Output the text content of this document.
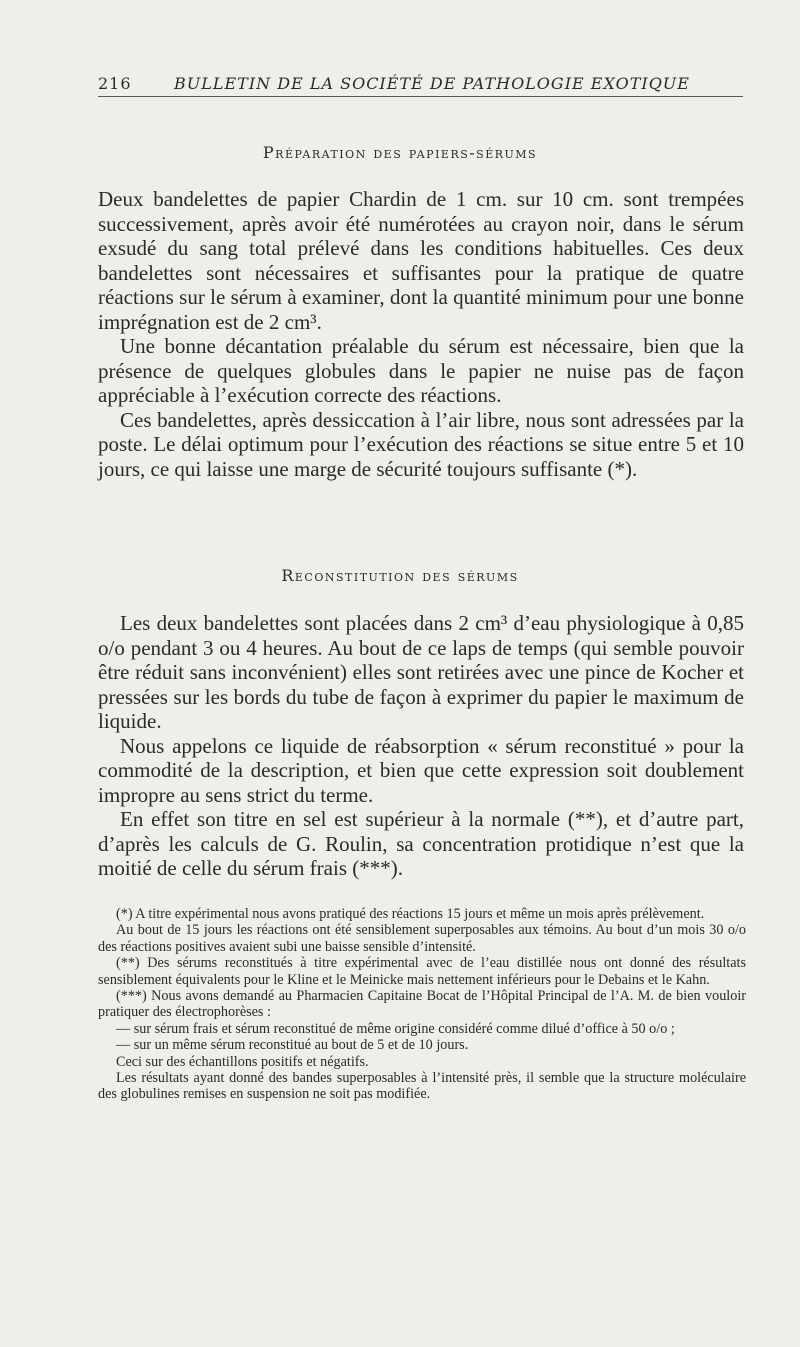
216	BULLETIN DE LA SOCIÉTÉ DE PATHOLOGIE EXOTIQUE
Préparation des papiers-sérums

Deux bandelettes de papier Chardin de 1 cm. sur 10 cm. sont trempées successivement, après avoir été numérotées au crayon noir, dans le sérum exsudé du sang total prélevé dans les conditions habituelles. Ces deux bandelettes sont nécessaires et suffisantes pour la pratique de quatre réactions sur le sérum à examiner, dont la quantité minimum pour une bonne imprégnation est de 2 cm³.

Une bonne décantation préalable du sérum est nécessaire, bien que la présence de quelques globules dans le papier ne nuise pas de façon appréciable à l’exécution correcte des réactions.

Ces bandelettes, après dessiccation à l’air libre, nous sont adressées par la poste. Le délai optimum pour l’exécution des réactions se situe entre 5 et 10 jours, ce qui laisse une marge de sécurité toujours suffisante (*).

Reconstitution des sérums

Les deux bandelettes sont placées dans 2 cm³ d’eau physiologique à 0,85 o/o pendant 3 ou 4 heures. Au bout de ce laps de temps (qui semble pouvoir être réduit sans inconvénient) elles sont retirées avec une pince de Kocher et pressées sur les bords du tube de façon à exprimer du papier le maximum de liquide.

Nous appelons ce liquide de réabsorption « sérum reconstitué » pour la commodité de la description, et bien que cette expression soit doublement impropre au sens strict du terme.

En effet son titre en sel est supérieur à la normale (**), et d’autre part, d’après les calculs de G. Roulin, sa concentration protidique n’est que la moitié de celle du sérum frais (***).

(*) A titre expérimental nous avons pratiqué des réactions 15 jours et même un mois après prélèvement.

Au bout de 15 jours les réactions ont été sensiblement superposables aux témoins. Au bout d’un mois 30 o/o des réactions positives avaient subi une baisse sensible d’intensité.

(**) Des sérums reconstitués à titre expérimental avec de l’eau distillée nous ont donné des résultats sensiblement équivalents pour le Kline et le Meinicke mais nettement inférieurs pour le Debains et le Kahn.

(***) Nous avons demandé au Pharmacien Capitaine Bocat de l’Hôpital Principal de l’A. M. de bien vouloir pratiquer des électrophorèses :

— sur sérum frais et sérum reconstitué de même origine considéré comme dilué d’office à 50 o/o ;

— sur un même sérum reconstitué au bout de 5 et de 10 jours.

Ceci sur des échantillons positifs et négatifs.

Les résultats ayant donné des bandes superposables à l’intensité près, il semble que la structure moléculaire des globulines remises en suspension ne soit pas modifiée.
